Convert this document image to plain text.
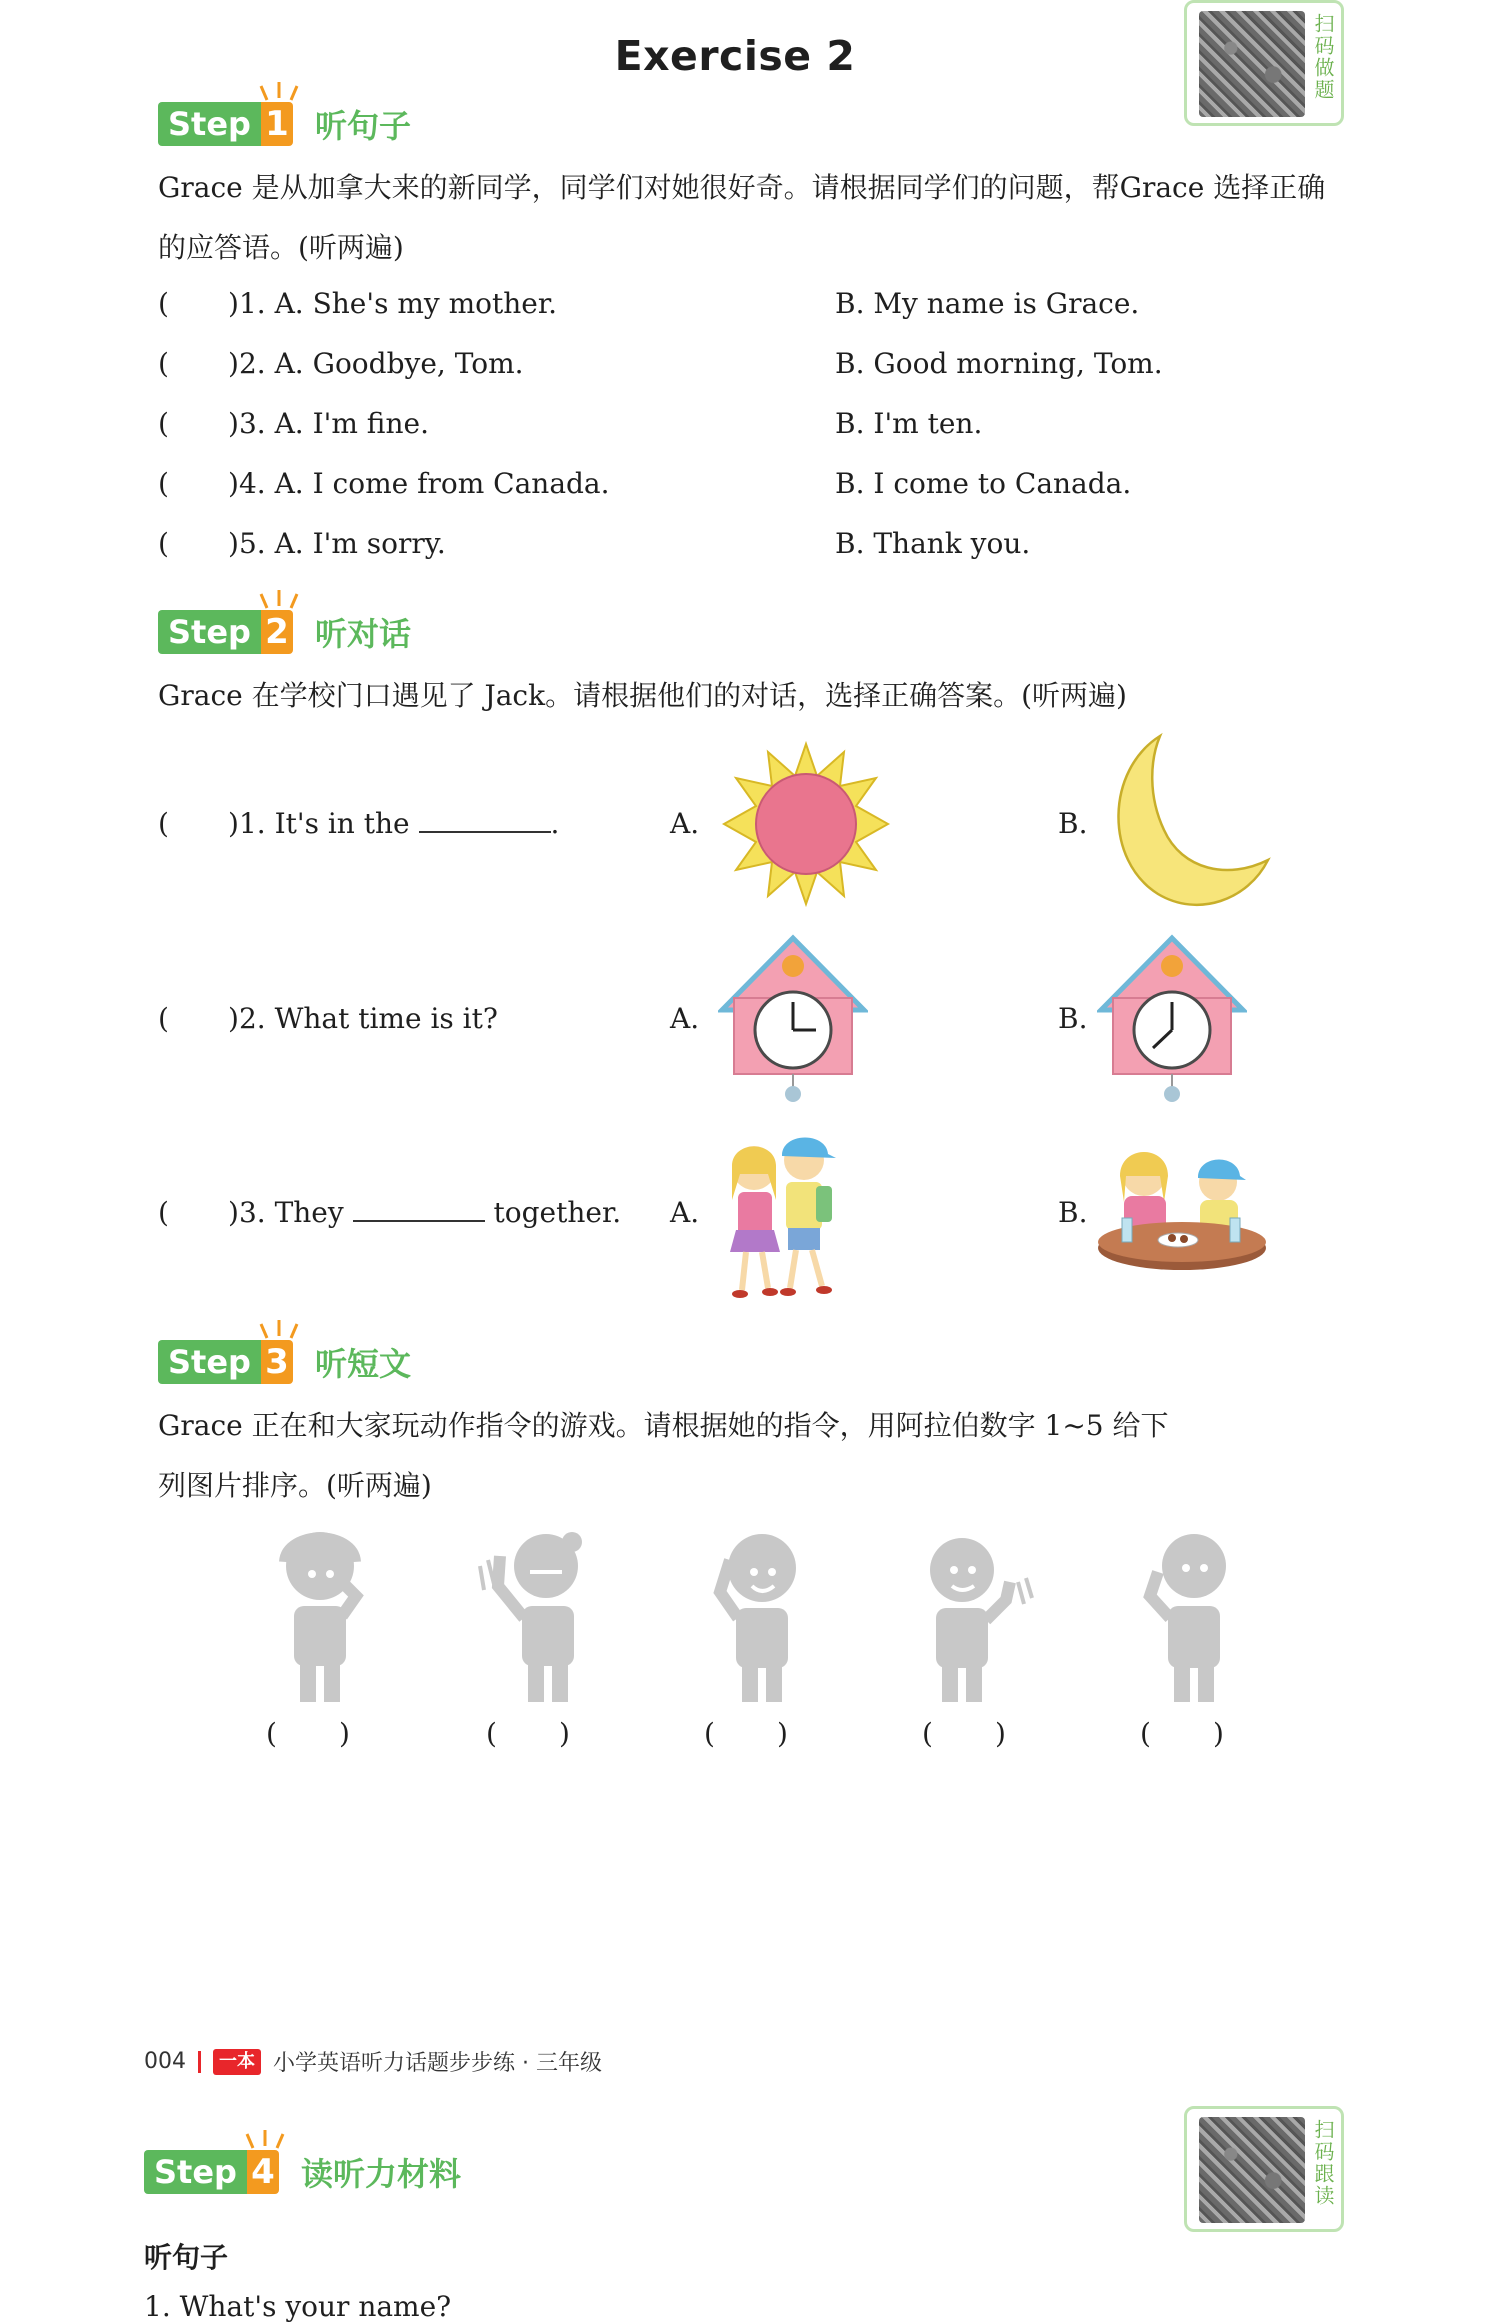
Exercise 2	扫码做题
Step 1 听句子
Grace 是从加拿大来的新同学，同学们对她很好奇。请根据同学们的问题，帮Grace 选择正确的应答语。(听两遍)
( )1. A. She's my mother.	B. My name is Grace.
( )2. A. Goodbye, Tom.	B. Good morning, Tom.
( )3. A. I'm fine.	B. I'm ten.
( )4. A. I come from Canada.	B. I come to Canada.
( )5. A. I'm sorry.	B. Thank you.
Step 2 听对话
Grace 在学校门口遇见了 Jack。请根据他们的对话，选择正确答案。(听两遍)
( )1. It's in the	.	A.	B.
( )2. What time is it?	A.	B.
( )3. They	together. A.	B.
Step 3 听短文
Grace 正在和大家玩动作指令的游戏。请根据她的指令，用阿拉伯数字 1~5 给下
列图片排序。(听两遍)
( )	( )	( )	( )	( )
004	一本 小学英语听力话题步步练 · 三年级
扫码跟读
Step 4 读听力材料
听句子
1. What's your name?
